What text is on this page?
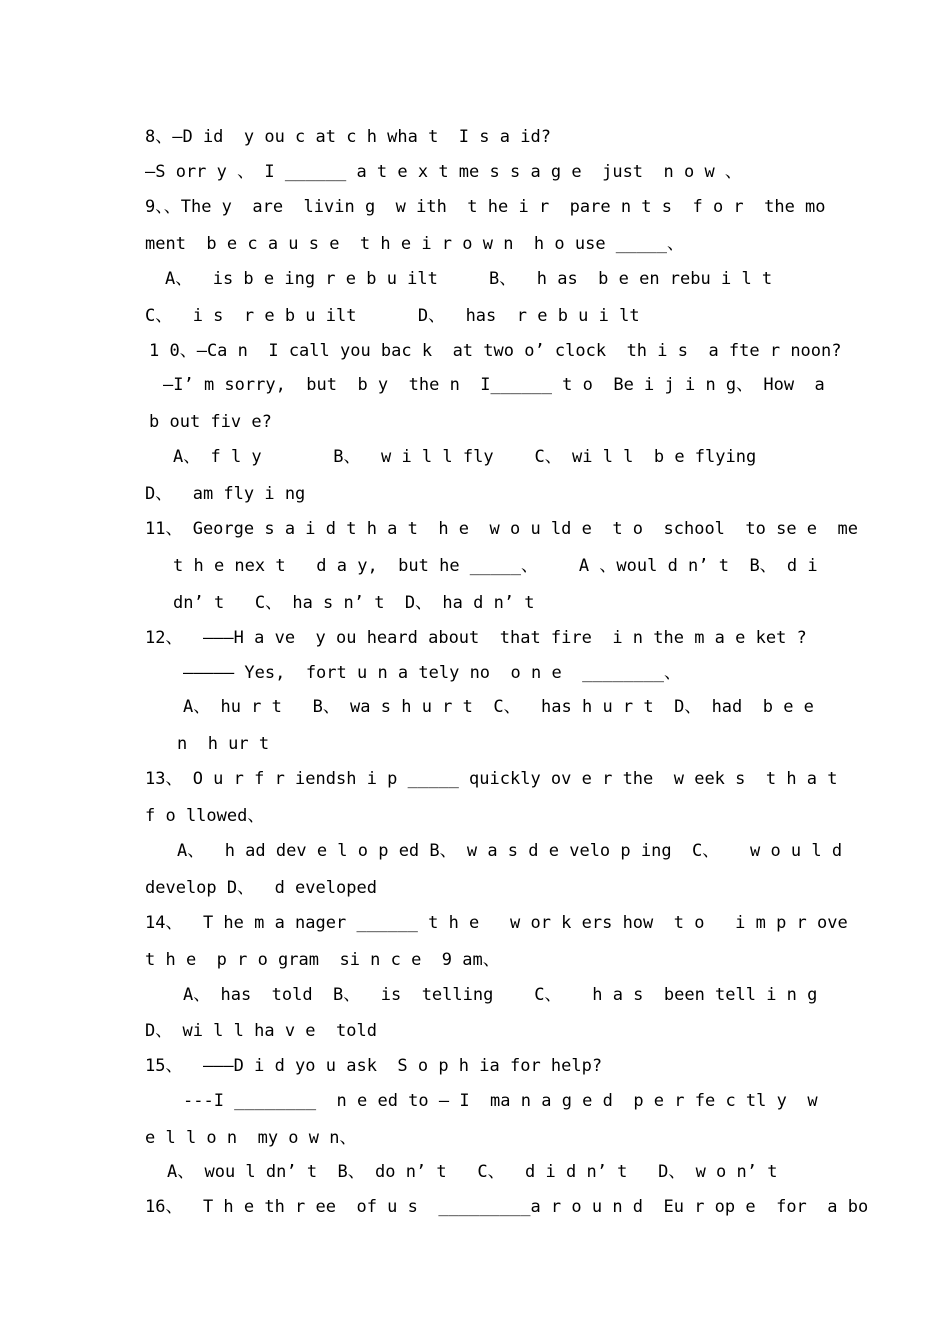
8、—D id  y ou c at c h wha t  I s a id?
—S orr y 、 I ______ a t e x t me s s a g e  just  n o w 、
9、、The y  are  livin g  w ith  t he i r  pare n t s  f o r  the mo
ment  b e c a u s e  t h e i r o w n  h o use _____、
A、  is b e ing r e b u ilt     B、  h as  b e en rebu i l t
C、  i s  r e b u ilt      D、  has  r e b u i lt
1 0、—Ca n  I call you bac k  at two o’ clock  th i s  a fte r noon?
—I’ m sorry,  but  b y  the n  I______ t o  Be i j i n g、 How  a
b out fiv e?
A、 f l y       B、  w i l l fly    C、 wi l l  b e flying
D、  am fly i ng
11、 George s a i d t h a t  h e  w o u ld e  t o  school  to se e  me
t h e nex t   d a y,  but he _____、    A 、woul d n’ t  B、 d i
dn’ t   C、 ha s n’ t  D、 ha d n’ t
12、  ———H a ve  y ou heard about  that fire  i n the m a e ket ?
————— Yes,  fort u n a tely no  o n e  ________、
A、 hu r t   B、 wa s h u r t  C、  has h u r t  D、 had  b e e
n  h ur t
13、 O u r f r iendsh i p _____ quickly ov e r the  w eek s  t h a t
f o llowed、
A、  h ad dev e l o p ed B、 w a s d e velo p ing  C、   w o u l d
develop D、  d eveloped
14、  T he m a nager ______ t h e   w or k ers how  t o   i m p r ove
t h e  p r o gram  si n c e  9 am、
A、 has  told  B、  is  telling    C、   h a s  been tell i n g
D、 wi l l ha v e  told
15、  ———D i d yo u ask  S o p h ia for help?
---I ________  n e ed to – I  ma n a g e d  p e r fe c tl y  w
e l l o n  my o w n、
A、 wou l dn’ t  B、 do n’ t   C、  d i d n’ t   D、 w o n’ t
16、  T h e th r ee  of u s  _________a r o u n d  Eu r op e  for  a bo
